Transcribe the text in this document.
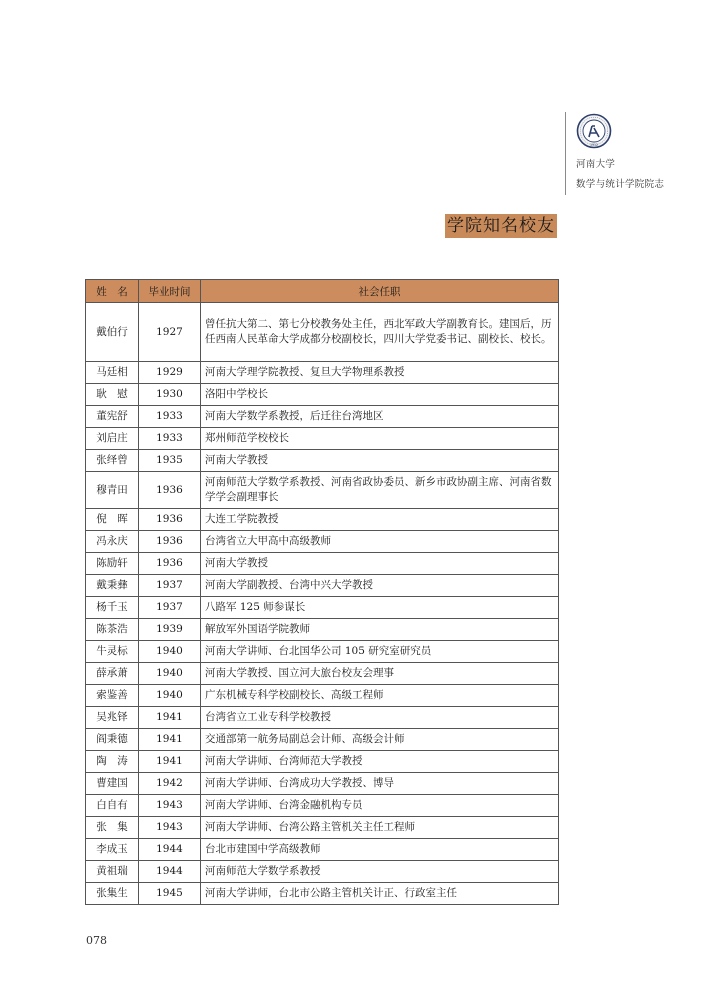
1912
河南大学
数学与统计学院院志
学院知名校友
姓　名	毕业时间	社会任职
戴伯行	1927	曾任抗大第二、第七分校教务处主任，西北军政大学副教育长。建国后，历任西南人民革命大学成都分校副校长，四川大学党委书记、副校长、校长。
马廷相	1929	河南大学理学院教授、复旦大学物理系教授
耿　慰	1930	洛阳中学校长
董宪舒	1933	河南大学数学系教授，后迁往台湾地区
刘启庄	1933	郑州师范学校校长
张绎曾	1935	河南大学教授
穆青田	1936	河南师范大学数学系教授、河南省政协委员、新乡市政协副主席、河南省数学学会副理事长
倪　晖	1936	大连工学院教授
冯永庆	1936	台湾省立大甲高中高级教师
陈励轩	1936	河南大学教授
戴秉彝	1937	河南大学副教授、台湾中兴大学教授
杨千玉	1937	八路军 125 师参谋长
陈茶浩	1939	解放军外国语学院教师
牛灵标	1940	河南大学讲师、台北国华公司 105 研究室研究员
薛承萧	1940	河南大学教授、国立河大旅台校友会理事
索鉴善	1940	广东机械专科学校副校长、高级工程师
吴兆铎	1941	台湾省立工业专科学校教授
阎秉德	1941	交通部第一航务局副总会计师、高级会计师
陶　涛	1941	河南大学讲师、台湾师范大学教授
曹建国	1942	河南大学讲师、台湾成功大学教授、博导
白自有	1943	河南大学讲师、台湾金融机构专员
张　集	1943	河南大学讲师、台湾公路主管机关主任工程师
李成玉	1944	台北市建国中学高级教师
黄祖瑞	1944	河南师范大学数学系教授
张集生	1945	河南大学讲师，台北市公路主管机关计正、行政室主任
078
